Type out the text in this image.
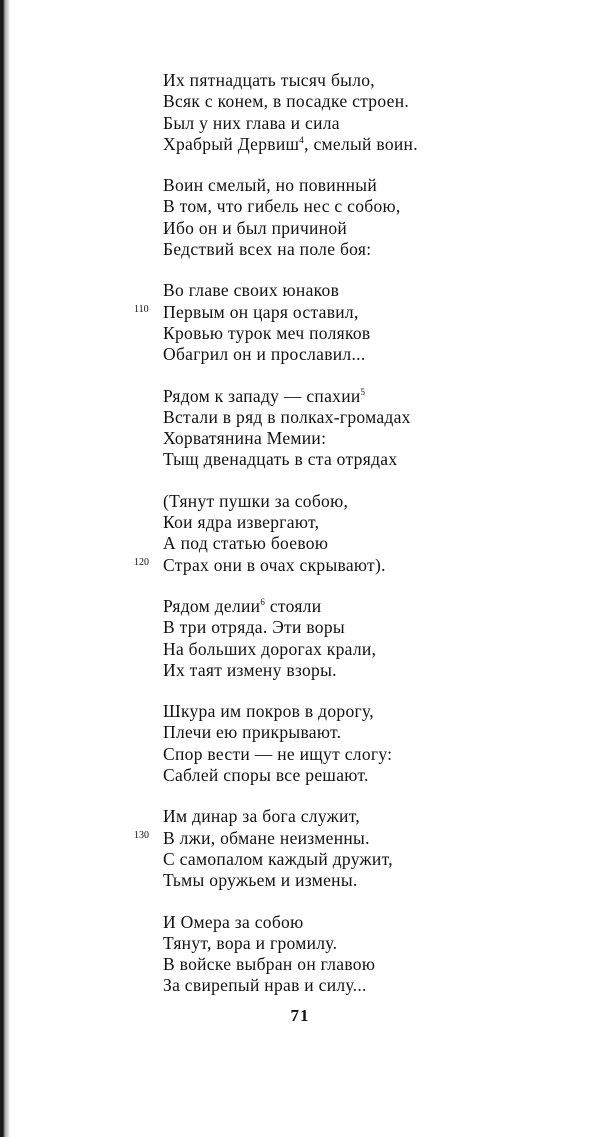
Их пятнадцать тысяч было,
Всяк с конем, в посадке строен.
Был у них глава и сила
Храбрый Дервиш$^4$, смелый воин.
Воин смелый, но повинный
В том, что гибель нес с собою,
Ибо он и был причиной
Бедствий всех на поле боя:
Во главе своих юнаков
110 Первым он царя оставил,
Кровью турок меч поляков
Обагрил он и прославил...
Рядом к западу — спахии$^5$
Встали в ряд в полках-громадах
Хорватянина Мемии:
Тыщ двенадцать в ста отрядах
(Тянут пушки за собою,
Кои ядра извергают,
А под статью боевою
120 Страх они в очах скрывают).
Рядом делии$^6$ стояли
В три отряда. Эти воры
На больших дорогах крали,
Их таят измену взоры.
Шкура им покров в дорогу,
Плечи ею прикрывают.
Спор вести — не ищут слогу:
Саблей споры все решают.
Им динар за бога служит,
130 В лжи, обмане неизменны.
С самопалом каждый дружит,
Тьмы оружьем и измены.
И Омера за собою
Тянут, вора и громилу.
В войске выбран он главою
За свирепый нрав и силу...
71
